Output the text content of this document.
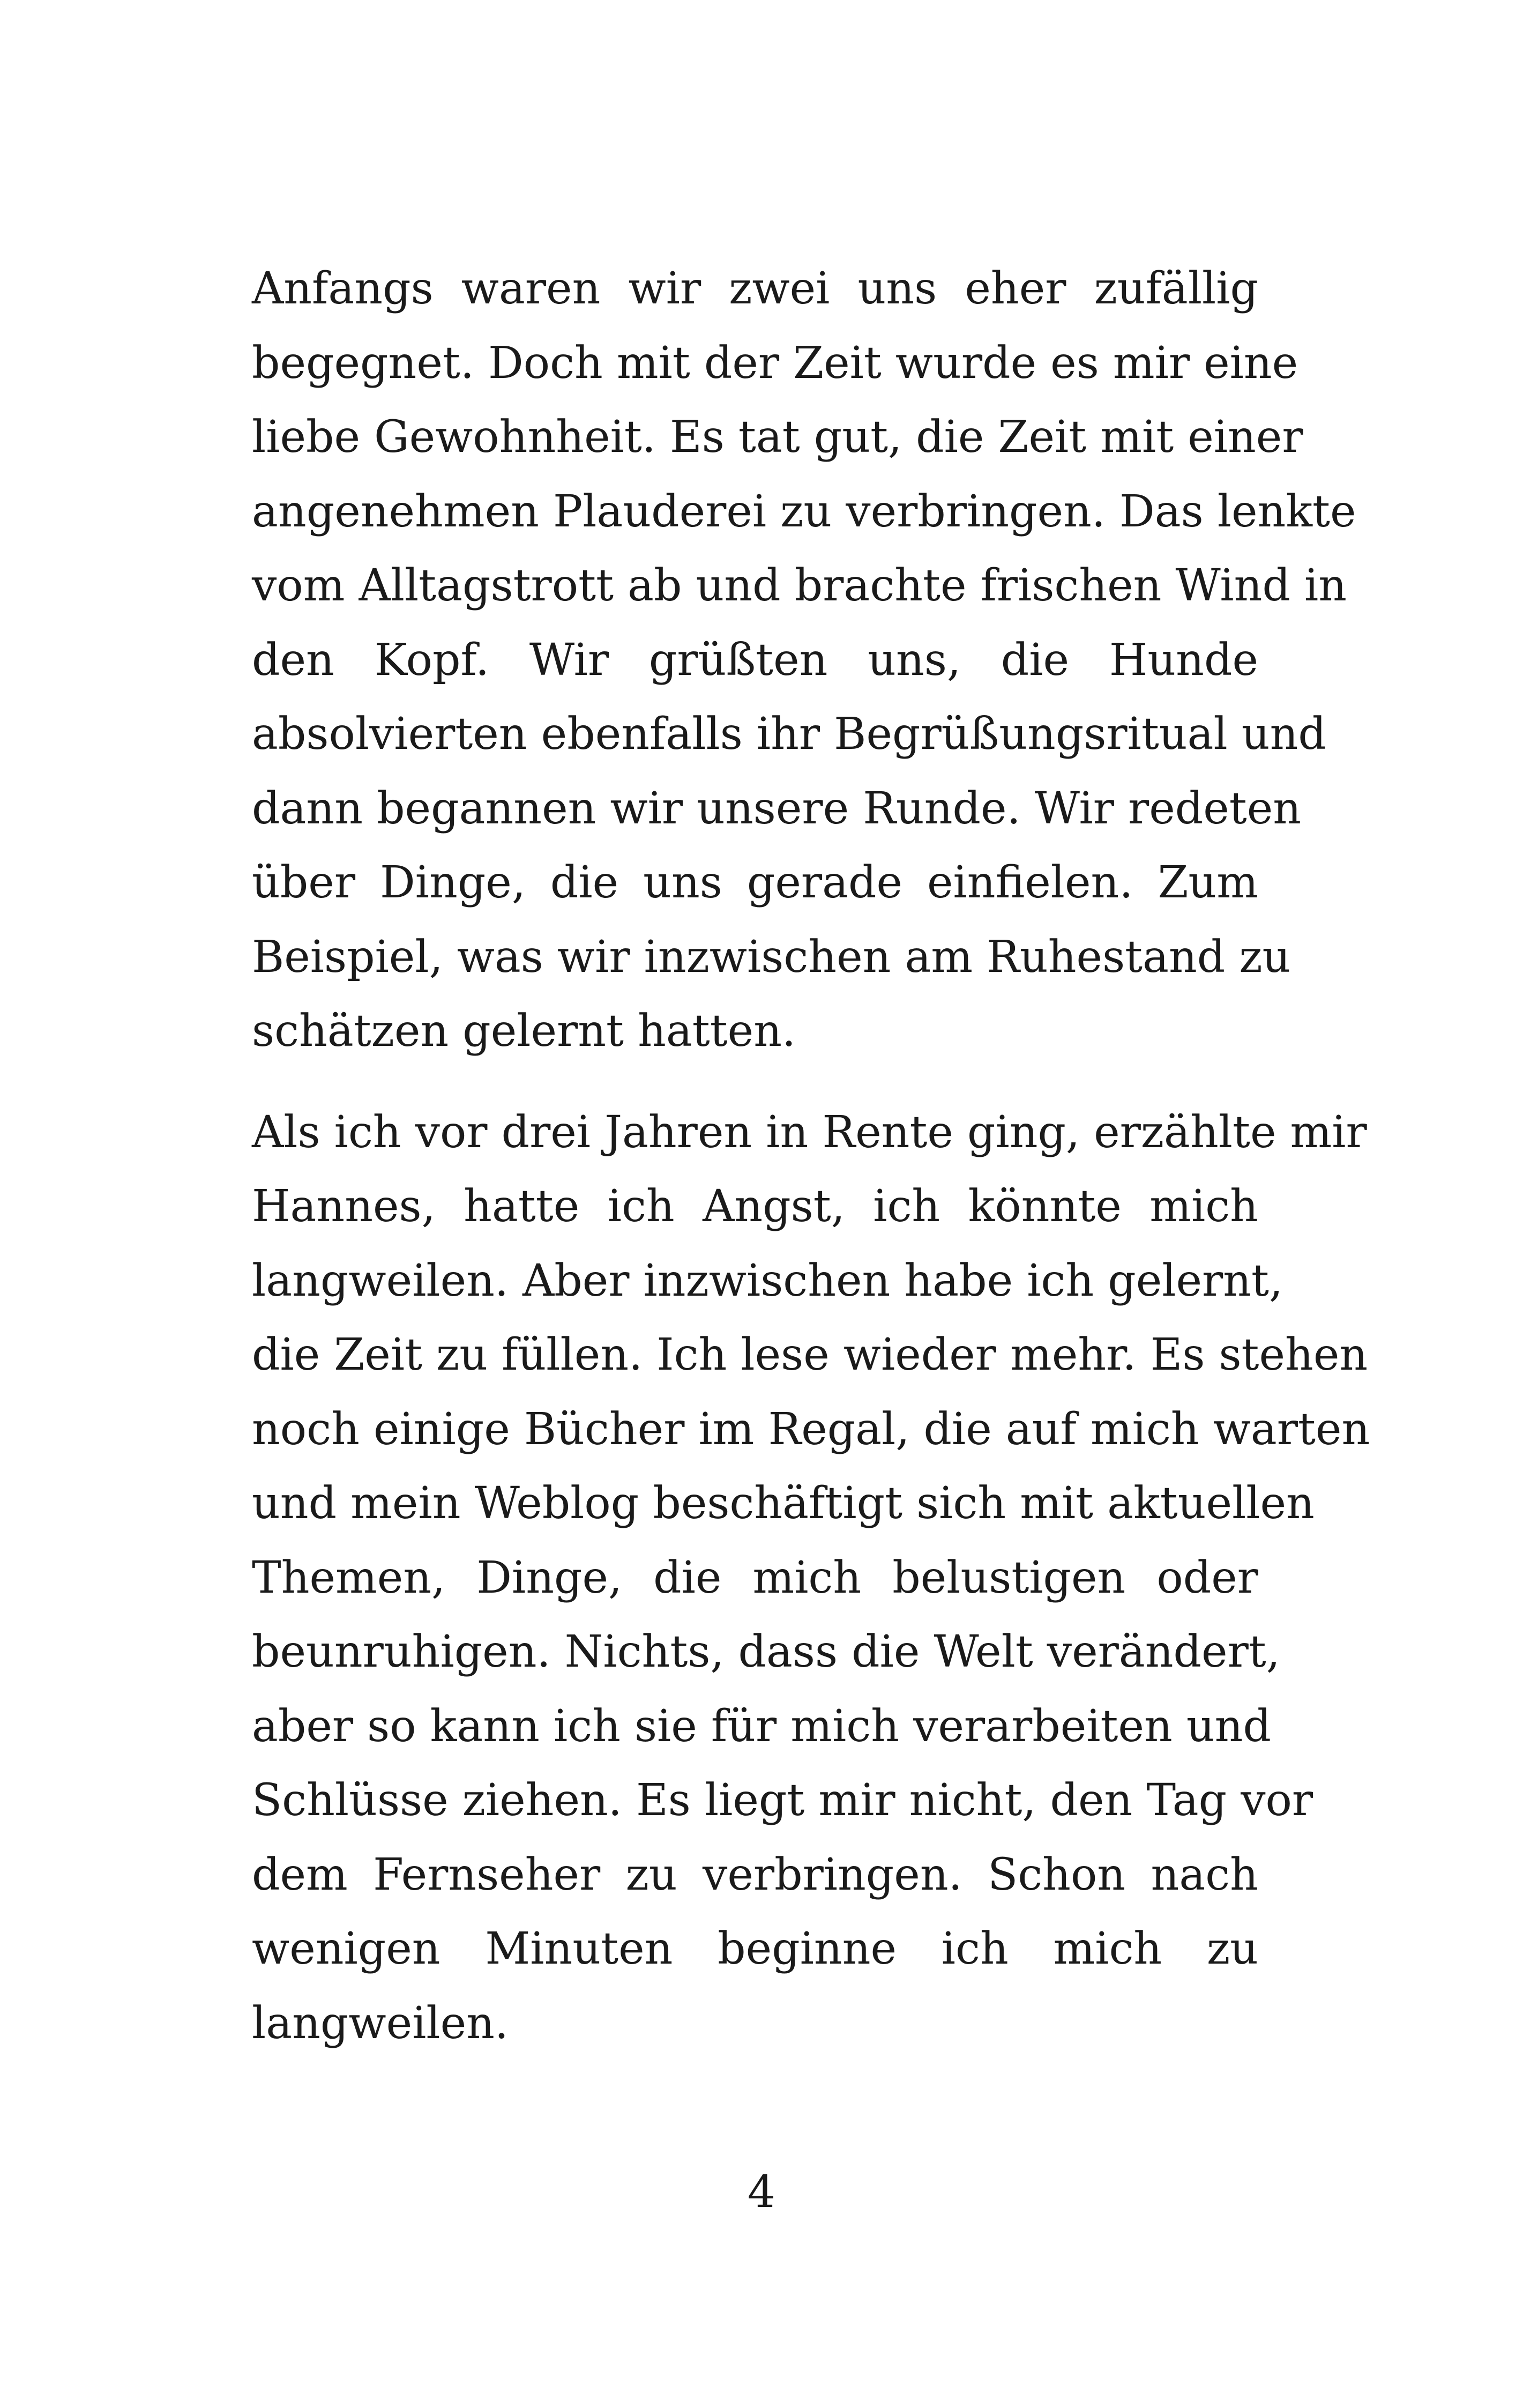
Anfangs waren wir zwei uns eher zufällig
begegnet. Doch mit der Zeit wurde es mir eine
liebe Gewohnheit. Es tat gut, die Zeit mit einer
angenehmen Plauderei zu verbringen. Das lenkte
vom Alltagstrott ab und brachte frischen Wind in
den Kopf. Wir grüßten uns, die Hunde
absolvierten ebenfalls ihr Begrüßungsritual und
dann begannen wir unsere Runde. Wir redeten
über Dinge, die uns gerade einfielen. Zum
Beispiel, was wir inzwischen am Ruhestand zu
schätzen gelernt hatten.
Als ich vor drei Jahren in Rente ging, erzählte mir
Hannes, hatte ich Angst, ich könnte mich
langweilen. Aber inzwischen habe ich gelernt,
die Zeit zu füllen. Ich lese wieder mehr. Es stehen
noch einige Bücher im Regal, die auf mich warten
und mein Weblog beschäftigt sich mit aktuellen
Themen, Dinge, die mich belustigen oder
beunruhigen. Nichts, dass die Welt verändert,
aber so kann ich sie für mich verarbeiten und
Schlüsse ziehen. Es liegt mir nicht, den Tag vor
dem Fernseher zu verbringen. Schon nach
wenigen Minuten beginne ich mich zu
langweilen.
4
